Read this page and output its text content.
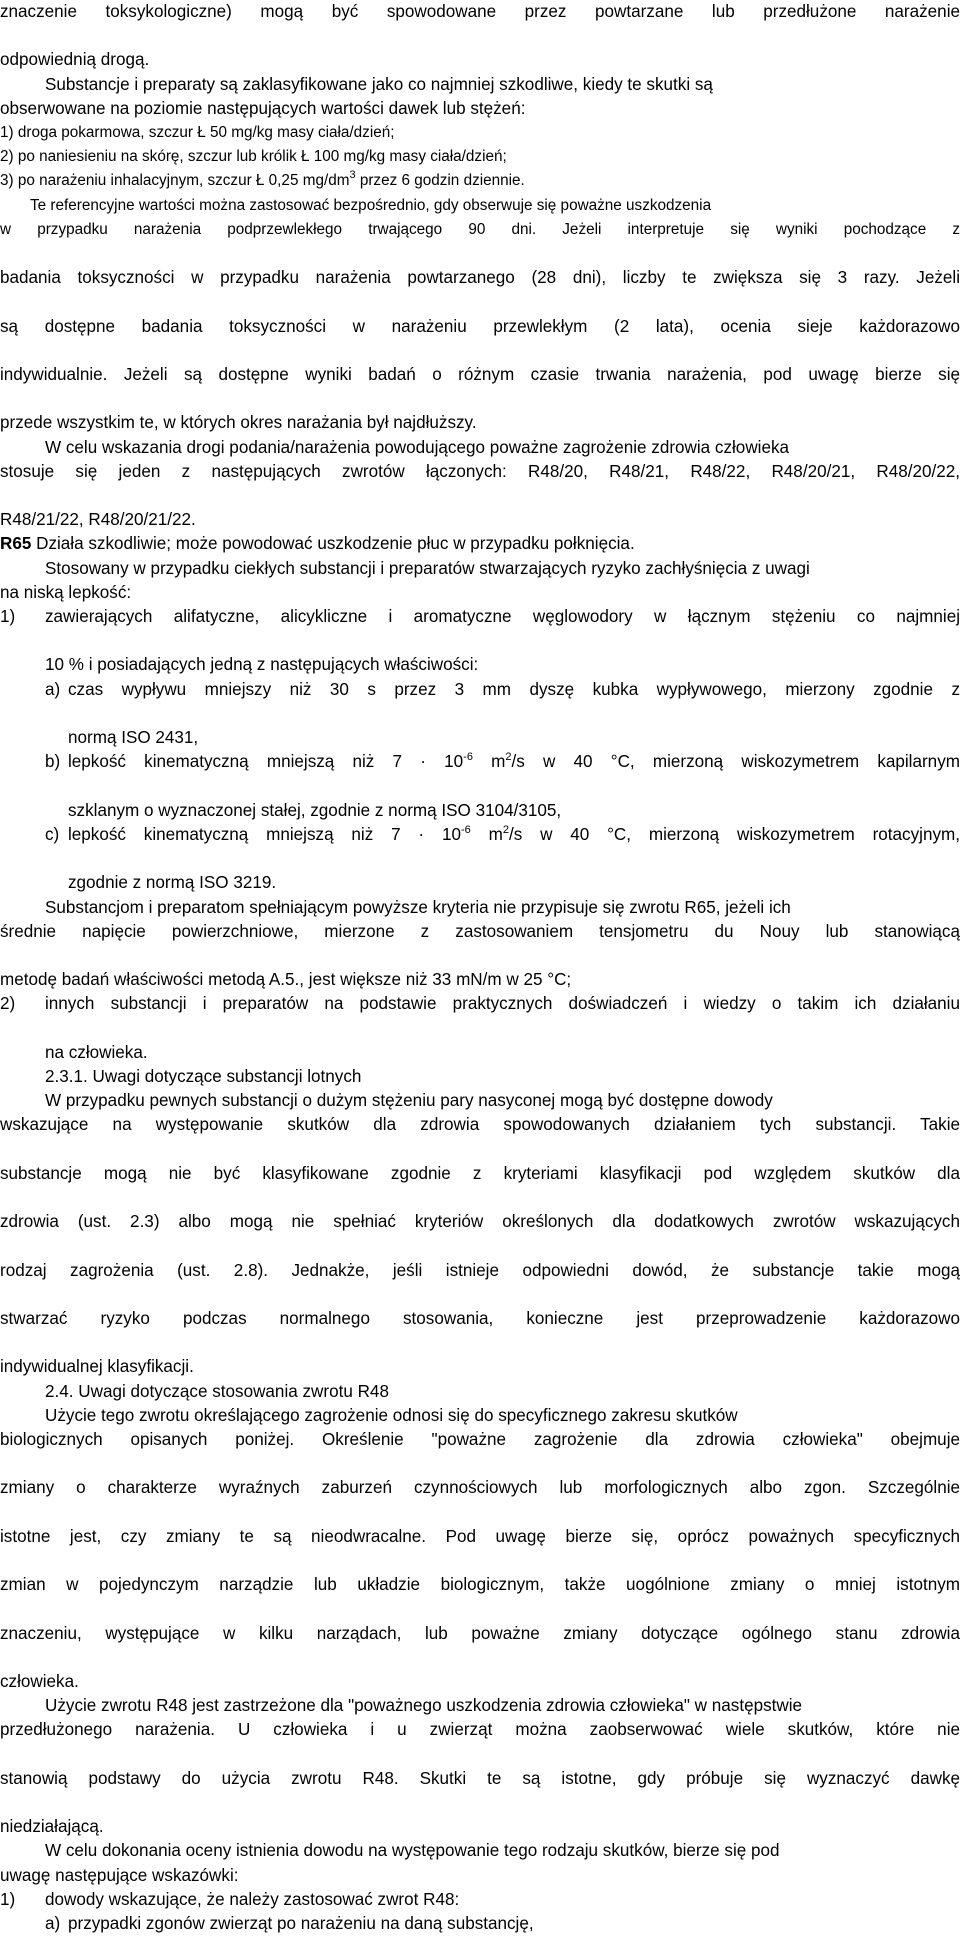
znaczenie toksykologiczne) mogą być spowodowane przez powtarzane lub przedłużone narażenie

odpowiednią drogą.

Substancje i preparaty są zaklasyfikowane jako co najmniej szkodliwe, kiedy te skutki są

obserwowane na poziomie następujących wartości dawek lub stężeń:

1) droga pokarmowa, szczur Ł 50 mg/kg masy ciała/dzień;

2) po naniesieniu na skórę, szczur lub królik Ł 100 mg/kg masy ciała/dzień;

3) po narażeniu inhalacyjnym, szczur Ł 0,25 $mg/dm^3$ przez 6 godzin dziennie.

Te referencyjne wartości można zastosować bezpośrednio, gdy obserwuje się poważne uszkodzenia

w przypadku narażenia podprzewlekłego trwającego 90 dni. Jeżeli interpretuje się wyniki pochodzące z

badania toksyczności w przypadku narażenia powtarzanego (28 dni), liczby te zwiększa się 3 razy. Jeżeli

są dostępne badania toksyczności w narażeniu przewlekłym (2 lata), ocenia sieje każdorazowo

indywidualnie. Jeżeli są dostępne wyniki badań o różnym czasie trwania narażenia, pod uwagę bierze się

przede wszystkim te, w których okres narażania był najdłuższy.

W celu wskazania drogi podania/narażenia powodującego poważne zagrożenie zdrowia człowieka

stosuje się jeden z następujących zwrotów łączonych: R48/20, R48/21, R48/22, R48/20/21, R48/20/22,

R48/21/22, R48/20/21/22.

R65 Działa szkodliwie; może powodować uszkodzenie płuc w przypadku połknięcia.

Stosowany w przypadku ciekłych substancji i preparatów stwarzających ryzyko zachłyśnięcia z uwagi

na niską lepkość:

1) zawierających alifatyczne, alicykliczne i aromatyczne węglowodory w łącznym stężeniu co najmniej

10 % i posiadających jedną z następujących właściwości:

a) czas wypływu mniejszy niż 30 s przez 3 mm dyszę kubka wypływowego, mierzony zgodnie z

normą ISO 2431,

b) lepkość kinematyczną mniejszą niż $7 \cdot 10^{-6}$ $m^2/s$ w 40 °C, mierzoną wiskozymetrem kapilarnym

szklanym o wyznaczonej stałej, zgodnie z normą ISO 3104/3105,

c) lepkość kinematyczną mniejszą niż $7 \cdot 10^{-6}$ $m^2/s$ w 40 °C, mierzoną wiskozymetrem rotacyjnym,

zgodnie z normą ISO 3219.

Substancjom i preparatom spełniającym powyższe kryteria nie przypisuje się zwrotu R65, jeżeli ich

średnie napięcie powierzchniowe, mierzone z zastosowaniem tensjometru du Nouy lub stanowiącą

metodę badań właściwości metodą A.5., jest większe niż 33 mN/m w 25 °C;

2) innych substancji i preparatów na podstawie praktycznych doświadczeń i wiedzy o takim ich działaniu

na człowieka.

2.3.1. Uwagi dotyczące substancji lotnych

W przypadku pewnych substancji o dużym stężeniu pary nasyconej mogą być dostępne dowody

wskazujące na występowanie skutków dla zdrowia spowodowanych działaniem tych substancji. Takie

substancje mogą nie być klasyfikowane zgodnie z kryteriami klasyfikacji pod względem skutków dla

zdrowia (ust. 2.3) albo mogą nie spełniać kryteriów określonych dla dodatkowych zwrotów wskazujących

rodzaj zagrożenia (ust. 2.8). Jednakże, jeśli istnieje odpowiedni dowód, że substancje takie mogą

stwarzać ryzyko podczas normalnego stosowania, konieczne jest przeprowadzenie każdorazowo

indywidualnej klasyfikacji.

2.4. Uwagi dotyczące stosowania zwrotu R48

Użycie tego zwrotu określającego zagrożenie odnosi się do specyficznego zakresu skutków

biologicznych opisanych poniżej. Określenie "poważne zagrożenie dla zdrowia człowieka" obejmuje

zmiany o charakterze wyraźnych zaburzeń czynnościowych lub morfologicznych albo zgon. Szczególnie

istotne jest, czy zmiany te są nieodwracalne. Pod uwagę bierze się, oprócz poważnych specyficznych

zmian w pojedynczym narządzie lub układzie biologicznym, także uogólnione zmiany o mniej istotnym

znaczeniu, występujące w kilku narządach, lub poważne zmiany dotyczące ogólnego stanu zdrowia

człowieka.

Użycie zwrotu R48 jest zastrzeżone dla "poważnego uszkodzenia zdrowia człowieka" w następstwie

przedłużonego narażenia. U człowieka i u zwierząt można zaobserwować wiele skutków, które nie

stanowią podstawy do użycia zwrotu R48. Skutki te są istotne, gdy próbuje się wyznaczyć dawkę

niedziałającą.

W celu dokonania oceny istnienia dowodu na występowanie tego rodzaju skutków, bierze się pod

uwagę następujące wskazówki:

1) dowody wskazujące, że należy zastosować zwrot R48:

a) przypadki zgonów zwierząt po narażeniu na daną substancję,
